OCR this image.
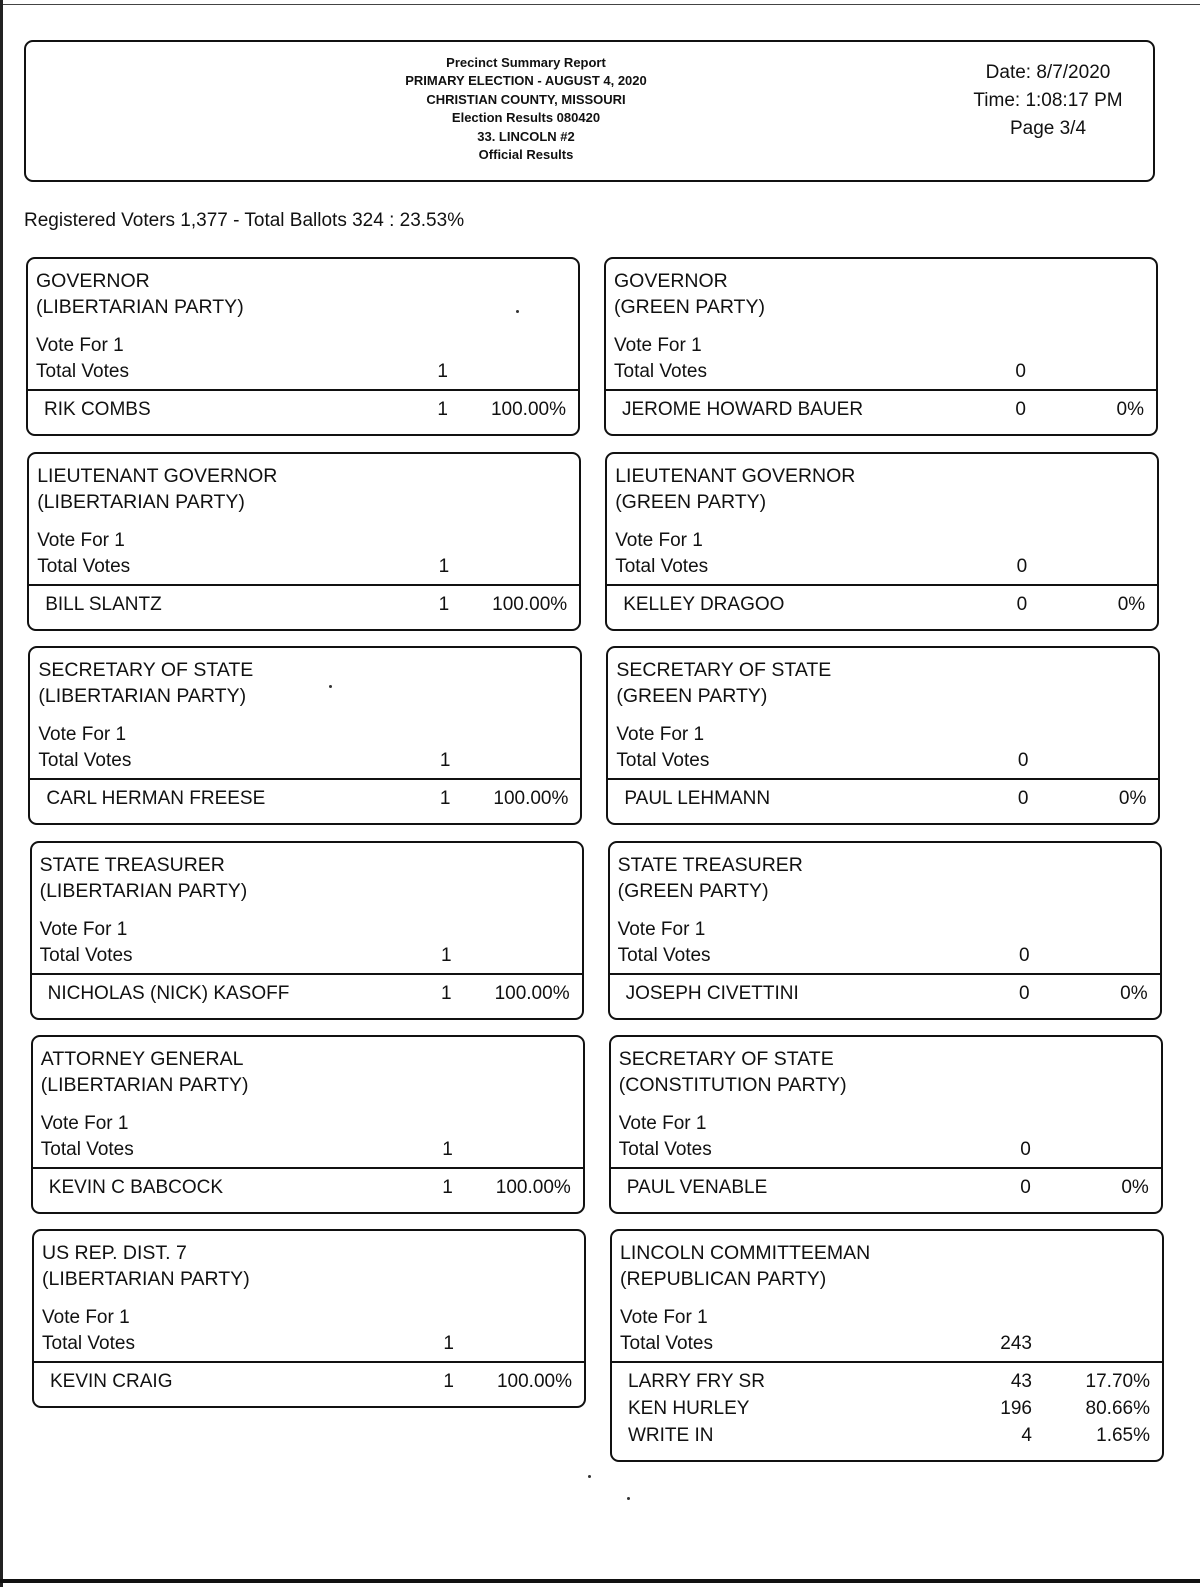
Precinct Summary Report
PRIMARY ELECTION - AUGUST 4, 2020
CHRISTIAN COUNTY, MISSOURI
Election Results 080420
33. LINCOLN #2
Official Results
Date: 8/7/2020
Time: 1:08:17 PM
Page 3/4
Registered Voters 1,377 - Total Ballots 324 : 23.53%
GOVERNOR
(LIBERTARIAN PARTY)
Vote For 1
Total Votes	1
RIK COMBS	1 100.00%
GOVERNOR
(GREEN PARTY)
Vote For 1
Total Votes	0
JEROME HOWARD BAUER	0	0%
LIEUTENANT GOVERNOR
(LIBERTARIAN PARTY)
Vote For 1
Total Votes	1
BILL SLANTZ	1 100.00%
LIEUTENANT GOVERNOR
(GREEN PARTY)
Vote For 1
Total Votes	0
KELLEY DRAGOO	0	0%
SECRETARY OF STATE
(LIBERTARIAN PARTY)
Vote For 1
Total Votes	1
CARL HERMAN FREESE	1 100.00%
SECRETARY OF STATE
(GREEN PARTY)
Vote For 1
Total Votes	0
PAUL LEHMANN	0	0%
STATE TREASURER
(LIBERTARIAN PARTY)
Vote For 1
Total Votes	1
NICHOLAS (NICK) KASOFF	1 100.00%
STATE TREASURER
(GREEN PARTY)
Vote For 1
Total Votes	0
JOSEPH CIVETTINI	0	0%
ATTORNEY GENERAL
(LIBERTARIAN PARTY)
Vote For 1
Total Votes	1
KEVIN C BABCOCK	1 100.00%
SECRETARY OF STATE
(CONSTITUTION PARTY)
Vote For 1
Total Votes	0
PAUL VENABLE	0	0%
US REP. DIST. 7
(LIBERTARIAN PARTY)
Vote For 1
Total Votes	1
KEVIN CRAIG	1 100.00%
LINCOLN COMMITTEEMAN
(REPUBLICAN PARTY)
Vote For 1
Total Votes	243
LARRY FRY SR	43	17.70%
KEN HURLEY	196	80.66%
WRITE IN	4	1.65%
